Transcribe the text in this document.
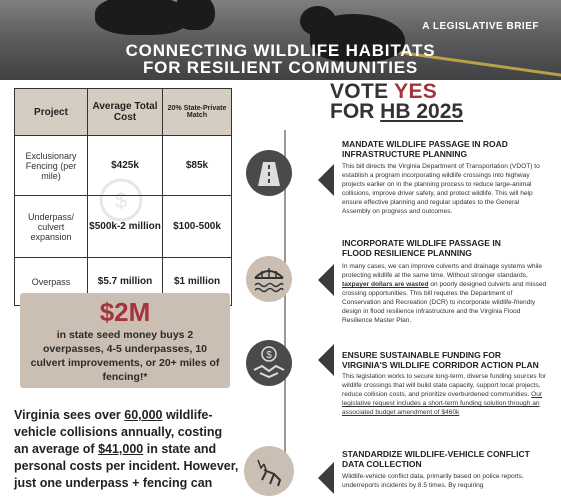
A LEGISLATIVE BRIEF
CONNECTING WILDLIFE HABITATS
FOR RESILIENT COMMUNITIES
Project	Average Total Cost	20% State-Private Match
Exclusionary Fencing (per mile)	$425k	$85k
Underpass/ culvert expansion	$500k-2 million	$100-500k
Overpass	$5.7 million	$1 million
$
$2M
in state seed money buys 2 overpasses, 4-5 underpasses, 10 culvert improvements, or 20+ miles of fencing!*
Virginia sees over 60,000 wildlife-vehicle collisions annually, costing an average of $41,000 in state and personal costs per incident. However, just one underpass + fencing can
VOTE YES
FOR HB 2025
MANDATE WILDLIFE PASSAGE IN ROAD
INFRASTRUCTURE PLANNING
This bill directs the Virginia Department of Transportation (VDOT) to establish a program incorporating wildlife crossings into highway projects earlier on in the planning process to reduce large-animal collisions, improve driver safety, and protect wildlife. This will help ensure effective planning and regular updates to the General Assembly on progress and outcomes.
INCORPORATE WILDLIFE PASSAGE IN
FLOOD RESILIENCE PLANNING
In many cases, we can improve culverts and drainage systems while protecting wildlife at the same time. Without stronger standards, taxpayer dollars are wasted on poorly designed culverts and missed crossing opportunities. This bill requires the Department of Conservation and Recreation (DCR) to incorporate wildlife-friendly design in flood resilience infrastructure and the Virginia Flood Resilience Master Plan.
$	ENSURE SUSTAINABLE FUNDING FOR
VIRGINIA'S WILDLIFE CORRIDOR ACTION PLAN
This legislation works to secure long-term, diverse funding sources for wildlife crossings that will build state capacity, support local projects, reduce collision costs, and prioritize overburdened communities. Our legislative request includes a short-term funding solution through an associated budget amendment of $460k
STANDARDIZE WILDLIFE-VEHICLE CONFLICT
DATA COLLECTION
Wildlife-vehicle conflict data, primarily based on police reports, underreports incidents by 8.5 times. By requiring
